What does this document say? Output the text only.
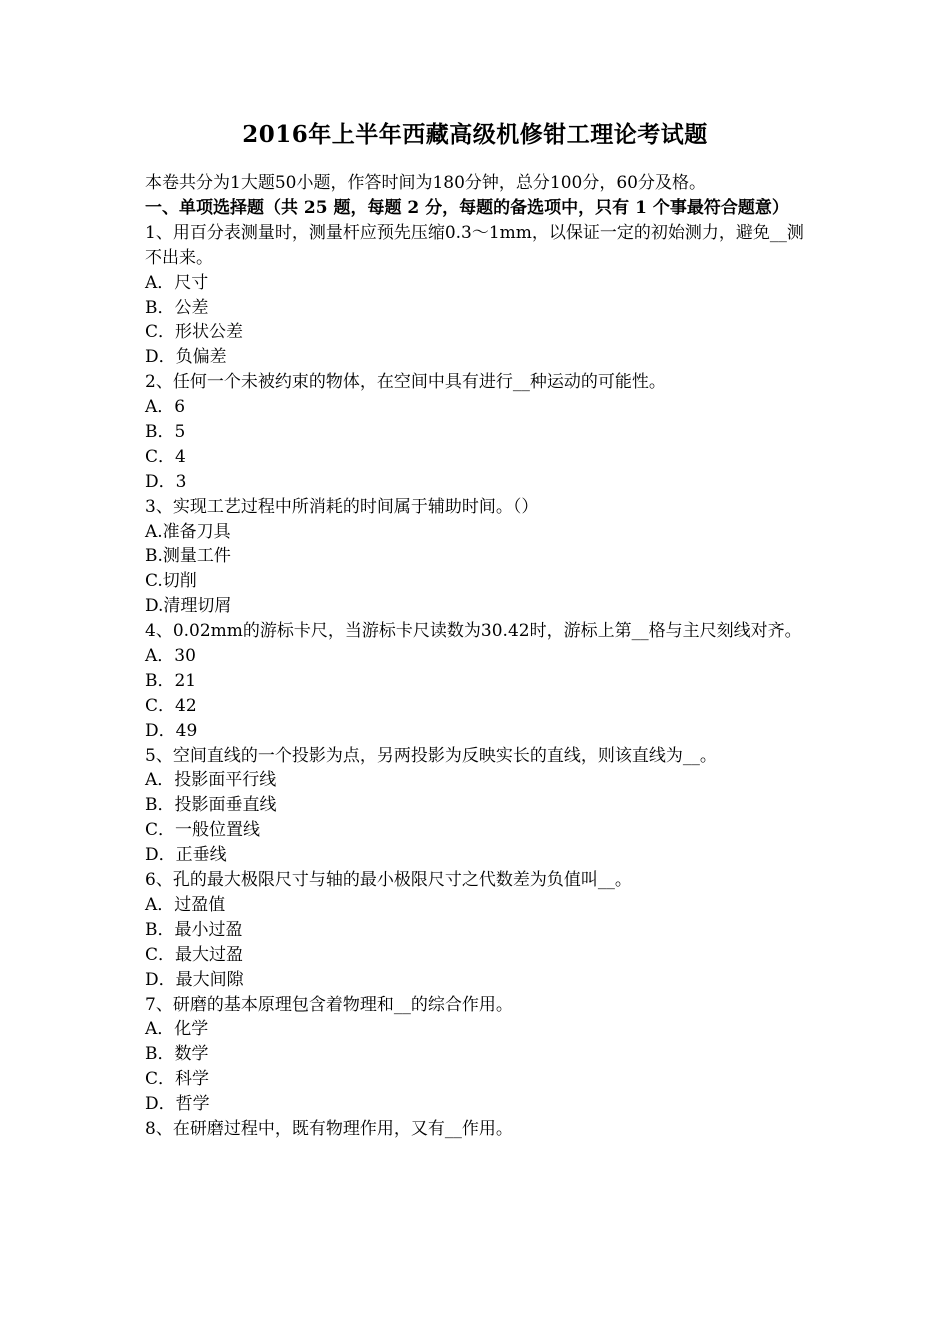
2016年上半年西藏高级机修钳工理论考试题
本卷共分为1大题50小题，作答时间为180分钟，总分100分，60分及格。
一、单项选择题（共 25 题，每题 2 分，每题的备选项中，只有 1 个事最符合题意）
1、用百分表测量时，测量杆应预先压缩0.3～1mm，以保证一定的初始测力，避免__测不出来。
A．尺寸
B．公差
C．形状公差
D．负偏差
2、任何一个未被约束的物体，在空间中具有进行__种运动的可能性。
A．6
B．5
C．4
D．3
3、实现工艺过程中所消耗的时间属于辅助时间。（）
A.准备刀具
B.测量工件
C.切削
D.清理切屑
4、0.02mm的游标卡尺，当游标卡尺读数为30.42时，游标上第__格与主尺刻线对齐。
A．30
B．21
C．42
D．49
5、空间直线的一个投影为点，另两投影为反映实长的直线，则该直线为__。
A．投影面平行线
B．投影面垂直线
C．一般位置线
D．正垂线
6、孔的最大极限尺寸与轴的最小极限尺寸之代数差为负值叫__。
A．过盈值
B．最小过盈
C．最大过盈
D．最大间隙
7、研磨的基本原理包含着物理和__的综合作用。
A．化学
B．数学
C．科学
D．哲学
8、在研磨过程中，既有物理作用，又有__作用。
